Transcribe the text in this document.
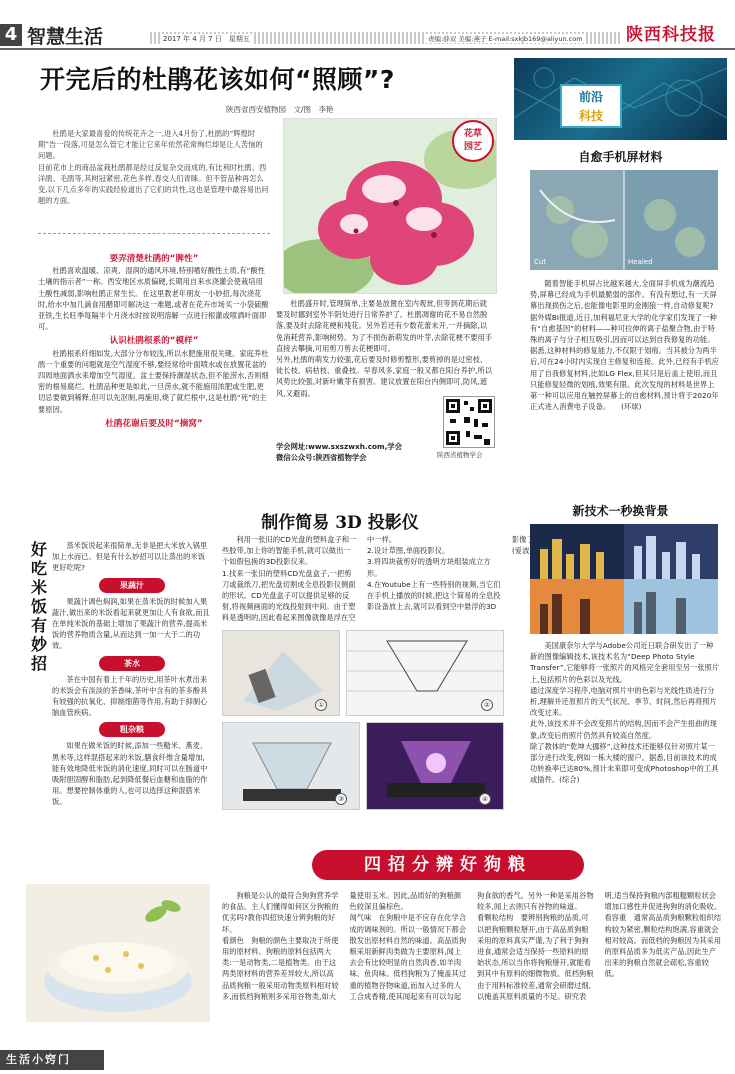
4 智慧生活	2017 年 4 月 7 日　星期五	责编:薛双 美编:燕子 E-mail:sxkjb169@aliyun.com	陕西科技报
开完后的杜鹃花该如何“照顾”?
陕西省西安植物园　文/图　李艳

杜鹃是大家最喜爱的传统花卉之一,进入4月份了,杜鹃的“辉煌时期”告一段落,可是怎么管它才能让它来年依然花常绚烂却是让人苦恼的问题。
目前花市上的商品盆栽杜鹃都是经过反复杂交而成的,有比利时杜鹃、西洋鹃、毛鹃等,其树冠紧密,花色多样,春交人们青睐。但不管品种再怎么变,以下几点多年的实践经验道出了它们的共性,这也是管理中最容易出问题的方面。

花草
园艺
要弄清楚杜鹃的“脾性”

杜鹃喜欢温暖、凉爽、湿润的通风环境,特别嗜好酸性土质,有“酸性土壤的指示者”一称。西安地区水质偏硬,长期用自来水浇灌会使栽培用土酸性减弱,影响杜鹃正常生长。在这里教老年朋友一小妙招,每次浇花时,给水中加几滴食用醋即可解决这一难题,或者在花卉市场买一小袋硫酸亚铁,生长旺季每隔半个月浇水时按说明溶解一点进行根灌或喷洒叶面即可。

认识杜鹃根系的“模样”

杜鹃根系纤细如发,大部分分布较浅,所以水肥施用很关键。家庭养杜鹃一个重要的问题就是空气湿度不够,要经常给叶面喷水或在放置花盆的四周地面洒水来增加空气湿度。盆土要保持潮湿状态,但不能涝水,否则细密的根易腐烂。杜鹃品种更是如此,一旦涝水,就不能施用浓肥或生肥,更切忌要做到稀释,但可以先沤制,再施用,烧了就烂根中,这是杜鹃“死”的主要原因。

杜鹃花谢后要及时“摘窝”

杜鹃盛开时,管理简单,主要是放置在室内观赏,但等到花期后就要及时挪到室外半阴处进行日常养护了。杜鹃凋谢的花不易自然脱落,要及时去除花梗和残花。另外若还有少数花蕾未开,一并摘除,以免消耗营养,影响树势。为了不损伤新萌发的叶芽,去除花梗不要用手直接去攀摘,可用剪刀剪去花梗即可。
另外,杜鹃的萌发力较强,花后要及时修剪整形,要剪掉的是过密枝、徒长枝、病枯枝、重叠枝。早春风多,家庭一般又都在阳台养护,所以风势比较强,对新叶嫩芽有损害。建议放置在阳台内侧即可,防风,遮风,又避雨。

学会网址:www.sxszwxh.com,学会
微信公众号:陕西省植物学会	陕西省植物学会
前沿
科技
自愈手机屏材料
Cut	Healed

随着智能手机屏占比越来越大,全面屏手机成为潮流趋势,屏幕已经成为手机最脆弱的部件。有没有想过,有一天屏幕出现损伤之后,也能像电影里的金刚狼一样,自动修复呢?
据外媒BI报道,近日,加利福尼亚大学的化学家们发现了一种有“自愈基因”的材料——种可拉伸的离子盐聚合物,由于特殊的离子与分子相互吸引,因而可以达到自我修复的功能。
据悉,这种材料的修复能力,不仅限于划痕。当其被分为两半后,可在24小时内实现自主修复和连接。此外,已经有手机应用了自我修复材料,比如LG Flex,但其只是后盖上使用,而且只能修复轻微的划痕,效果有限。此次发现的材料是世界上第一种可以应用在触控屏幕上的自愈材料,预计将于2020年正式进入消费电子设备。　　(环球)

新技术一秒换背景

美国康奈尔大学与Adobe公司近日联合研发出了一种新的图像编辑技术,该技术名为“Deep Photo Style Transfer”,它能够将一张照片的风格完全套用至另一张照片上,包括照片的色彩以及光线。
通过深度学习程序,电脑对照片中的色彩与光线性质进行分析,理解并还原照片的天气状况、季节、时间,然后再将照片改变过来。
此外,该技术并不会改变照片的结构,因而不会产生扭曲的现象,改变后的照片仍然具有较高自然度。
除了教体的“乾坤大挪移”,这种技术还能够仅针对照片某一部分进行改变,例如一栋大楼的窗户。据悉,目前该技术的成功转换率已达80%,预计未来即可变成Photoshop中的工具或插件。(综合)

制作简易 3D 投影仪

利用一张旧的CD光盘的塑料盒子和一些胶带,加上你的智能手机,就可以做出一个如假包换的3D投影仪来。
1.找来一张旧的塑料CD光盘盒子,一把剪刀或裁纸刀,把光盘切割成全息投影仪侧面的形状。CD光盘盒子可以提供足够的反射,将视频画面的光线投射到中间。由于塑料是透明的,因此看起来图像就像是浮在空中一样。
2.设计草图,单面投影仪。
3.将四块裁剪好的透明方块组装成立方形。
4.在Youtube上有一些特别的视频,当它们在手机上播放的时候,把这个简易的全息投影设备放上去,就可以看到空中悬浮的3D影像了。
(爱波)

①	②
③	④
好吃米饭有妙招

蒸米饭说起来很简单,无非是把大米放入锅里加上水而已。但是有什么妙招可以让蒸出的米饭更好吃呢?

果蔬汁

果蔬汁调色焖润,如果在蒸米饭的时候加入果蔬汁,做出来的米饭看起来就更加让人有食欲,而且在单纯米饭的基础上增加了果蔬汁的营养,提高米饭的营养物质含量,从而达到一加一大于二的功效。

茶水

茶在中国有着上千年的历史,用茶叶水煮出来的米饭会有淡淡的茶香味,茶叶中含有的茶多酚具有较强的抗氧化、抑制细菌等作用,有助于抑制心脑血管疾病。

粗杂粮

如果在做米饭的时候,添加一些糙米、燕麦、黑米等,这样混搭起来的米饭,膳食纤维含量增加,能有效地降低米饭的消化速度,同时可以在肠道中吸附胆固醇和脂肪,起到降低餐后血糖和血脂的作用。想要控制体重的人,也可以选择这种混搭米饭。

生活小窍门
四招分辨好狗粮

狗粮是公认的最符合狗狗营养学的食品。主人们懂得如何区分狗粮的优劣吗?教你四招快速分辨狗粮的好坏。
看颜色　狗粮的颜色主要取决于所使用的原材料。狗粮的原料包括两大类:一是动物类,二是植物类。由于这两类原材料的营养差异较大,所以高品质狗粮一般采用动物类原料相对较多,而低档狗粮则多采用谷物类,如大量使用玉米。因此,品质好的狗粮颜色较深且偏棕色。
闻气味　在狗粮中是不应存在化学合成的调味剂的。所以一般情况下都会散发出原材料自然的味道。高品质狗粮采用新鲜肉类做为主要原料,闻上去会有比较明显的自然肉香,如羊肉味、鱼肉味。低档狗粮为了掩盖其过重的植物谷物味道,而加入过多的人工合成香精,使其闻起来有可以勾起狗食欲的香气。另外一种是采用谷物较多,闻上去则只有谷物的味道。
看颗粒结构　要辨别狗粮的品质,可以把狗粮颗粒掰开,由于高品质狗粮采用的原料真实严谨,为了利于狗狗进食,通常会适当保持一些原料的原始状态,所以当你将狗粮掰开,就能看到其中有原料的细微物质。低档狗粮由于用料标准较差,通常会研磨过细,以掩盖其原料质量的不足。研究表明,适当保持狗粮内部粗糙颗粒状会增加口感性并促进狗狗的消化吸收。
看容重　通常高品质狗粮颗粒组织结构较为紧密,颗粒结构饱满,容重就会相对较高。而低档的狗粮因为其采用的原料品质多为低劣产品,因此生产出来的狗粮自然就会疏松,容重较低。
